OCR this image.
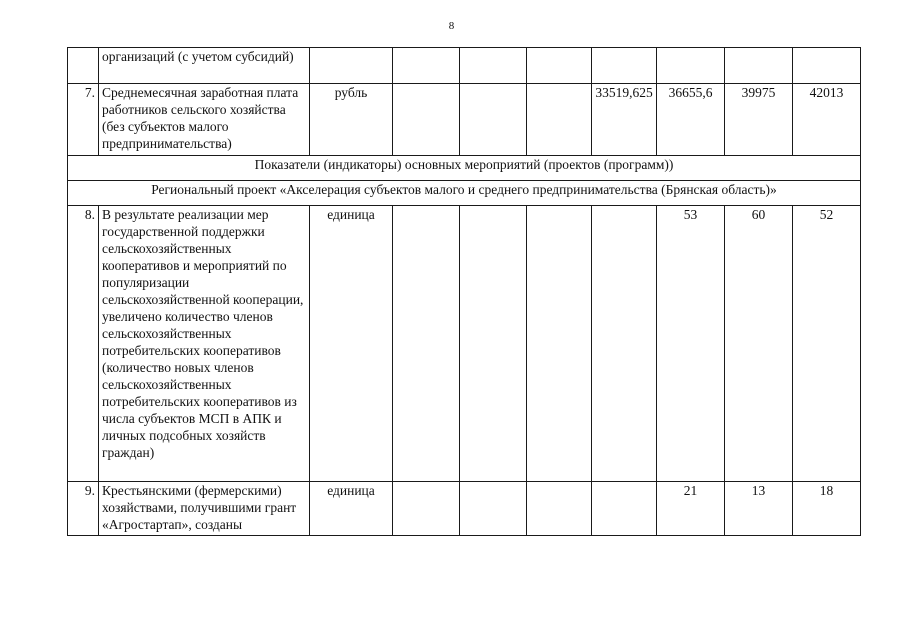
8
	организаций (с учетом субсидий)									
7.	Среднемесячная заработная плата работников сельского хозяйства (без субъектов малого предпринимательства)	рубль				33519,625	36655,6	39975	42013	
Показатели (индикаторы) основных мероприятий (проектов (программ))										
Региональный проект «Акселерация субъектов малого и среднего предпринимательства (Брянская область)»										
8.	В результате реализации мер государственной поддержки сельскохозяйственных кооперативов и мероприятий по популяризации сельскохозяйственной кооперации, увеличено количество членов сельскохозяйственных потребительских кооперативов (количество новых членов сельскохозяйственных потребительских кооперативов из числа субъектов МСП в АПК и личных подсобных хозяйств граждан)	единица					53	60	52	
9.	Крестьянскими (фермерскими) хозяйствами, получившими грант «Агростартап», созданы	единица					21	13	18	
